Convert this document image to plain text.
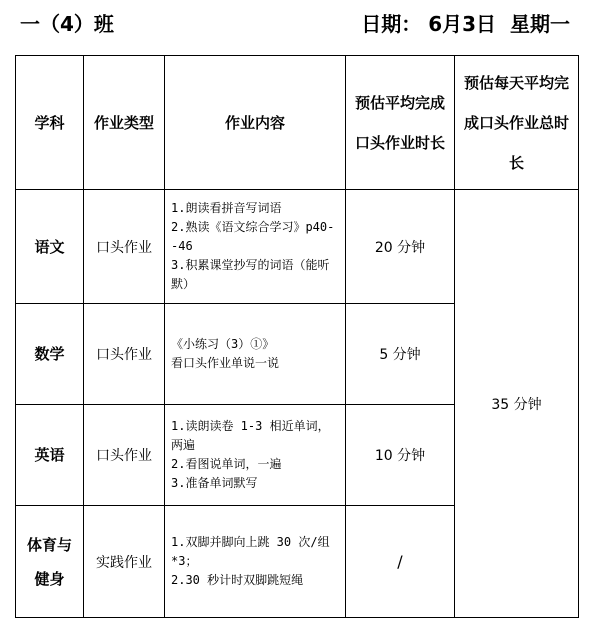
一（4）班	日期： 6月3日  星期一
学科	作业类型	作业内容	预估平均完成口头作业时长	预估每天平均完成口头作业总时长
语文	口头作业	1.朗读看拼音写词语
2.熟读《语文综合学习》p40--46
3.积累课堂抄写的词语（能听默）	20 分钟	35 分钟
数学	口头作业	《小练习（3）①》
看口头作业单说一说	5 分钟	
英语	口头作业	1.读朗读卷 1-3 相近单词，两遍
2.看图说单词，一遍
3.准备单词默写	10 分钟	
体育与健身	实践作业	1.双脚并脚向上跳 30 次/组*3；
2.30 秒计时双脚跳短绳	/	
